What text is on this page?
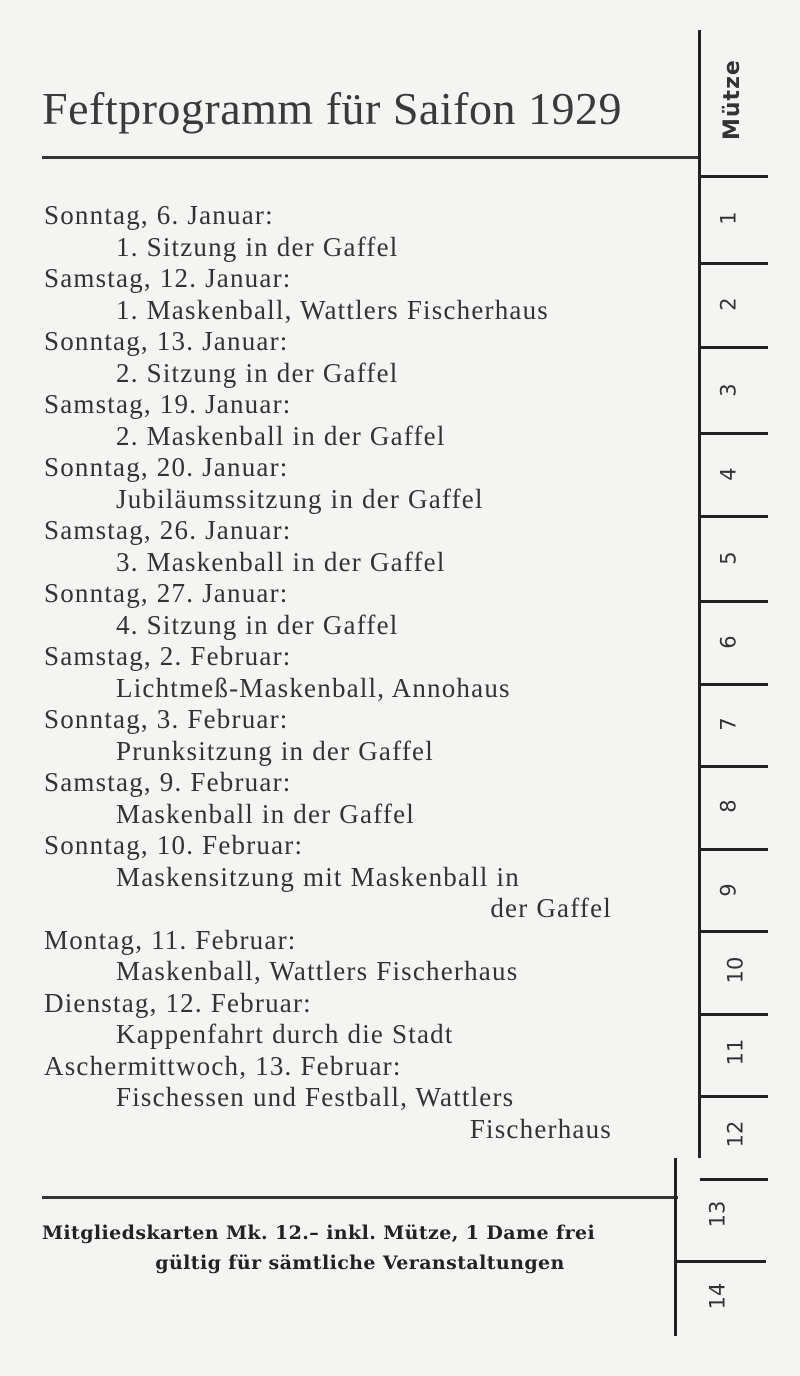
Feftprogramm für Saifon 1929
Sonntag, 6. Januar:
1. Sitzung in der Gaffel
Samstag, 12. Januar:
1. Maskenball, Wattlers Fischerhaus
Sonntag, 13. Januar:
2. Sitzung in der Gaffel
Samstag, 19. Januar:
2. Maskenball in der Gaffel
Sonntag, 20. Januar:
Jubiläumssitzung in der Gaffel
Samstag, 26. Januar:
3. Maskenball in der Gaffel
Sonntag, 27. Januar:
4. Sitzung in der Gaffel
Samstag, 2. Februar:
Lichtmeß-Maskenball, Annohaus
Sonntag, 3. Februar:
Prunksitzung in der Gaffel
Samstag, 9. Februar:
Maskenball in der Gaffel
Sonntag, 10. Februar:
Maskensitzung mit Maskenball in
der Gaffel
Montag, 11. Februar:
Maskenball, Wattlers Fischerhaus
Dienstag, 12. Februar:
Kappenfahrt durch die Stadt
Aschermittwoch, 13. Februar:
Fischessen und Festball, Wattlers
Fischerhaus
Mitgliedskarten Mk. 12.– inkl. Mütze, 1 Dame frei
gültig für sämtliche Veranstaltungen
Mütze
1
2
3
4
5
6
7
8
9
10
11
12
13
14
